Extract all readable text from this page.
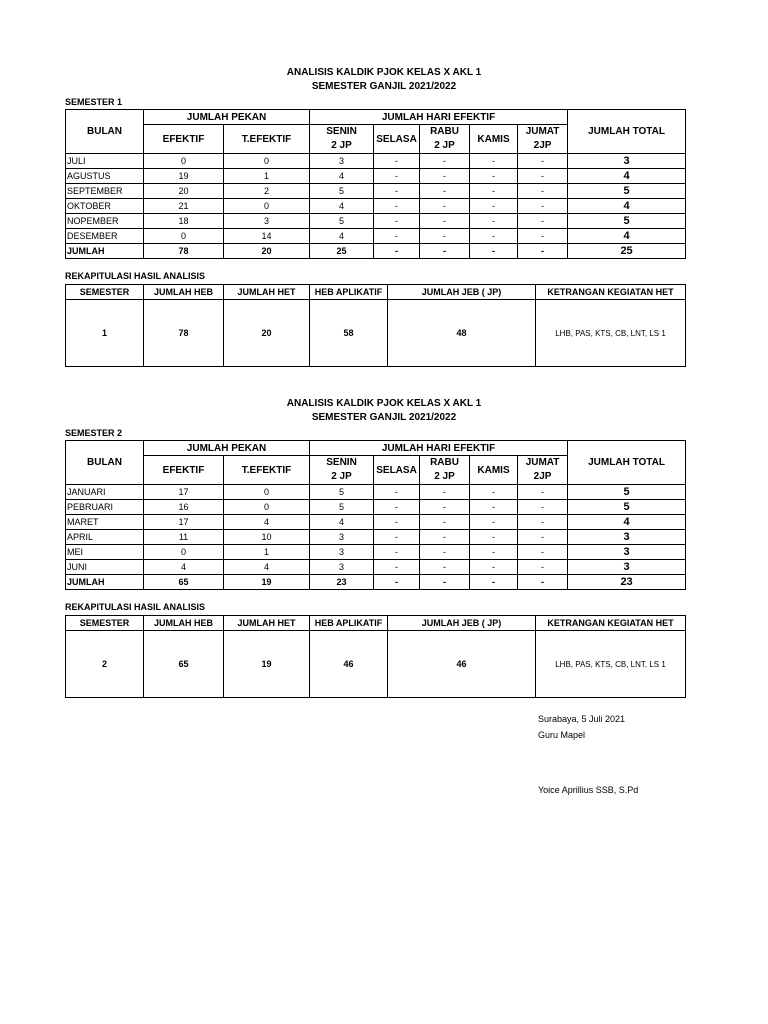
ANALISIS KALDIK PJOK KELAS X AKL 1
SEMESTER GANJIL 2021/2022
SEMESTER 1
BULAN	JUMLAH PEKAN		JUMLAH HARI EFEKTIF					JUMLAH TOTAL
	EFEKTIF	T.EFEKTIF	SENIN	SELASA	RABU	KAMIS	JUMAT	
			2 JP		2 JP		2JP	
JULI	0	0	3	-	-	-	-	3
AGUSTUS	19	1	4	-	-	-	-	4
SEPTEMBER	20	2	5	-	-	-	-	5
OKTOBER	21	0	4	-	-	-	-	4
NOPEMBER	18	3	5	-	-	-	-	5
DESEMBER	0	14	4	-	-	-	-	4
JUMLAH	78	20	25	-	-	-	-	25
REKAPITULASI HASIL ANALISIS
SEMESTER	JUMLAH HEB	JUMLAH HET	HEB APLIKATIF	JUMLAH JEB ( JP)	KETRANGAN KEGIATAN HET
1	78	20	58	48	LHB, PAS, KTS, CB, LNT, LS 1
ANALISIS KALDIK PJOK KELAS X AKL 1
SEMESTER GANJIL 2021/2022
SEMESTER 2
BULAN	JUMLAH PEKAN		JUMLAH HARI EFEKTIF					JUMLAH TOTAL
	EFEKTIF	T.EFEKTIF	SENIN	SELASA	RABU	KAMIS	JUMAT	
			2 JP		2 JP		2JP	
JANUARI	17	0	5	-	-	-	-	5
PEBRUARI	16	0	5	-	-	-	-	5
MARET	17	4	4	-	-	-	-	4
APRIL	11	10	3	-	-	-	-	3
MEI	0	1	3	-	-	-	-	3
JUNI	4	4	3	-	-	-	-	3
JUMLAH	65	19	23	-	-	-	-	23
REKAPITULASI HASIL ANALISIS
SEMESTER	JUMLAH HEB	JUMLAH HET	HEB APLIKATIF	JUMLAH JEB ( JP)	KETRANGAN KEGIATAN HET
2	65	19	46	46	LHB, PAS, KTS, CB, LNT, LS 1
Surabaya, 5 Juli 2021
Guru Mapel
Yoice Aprillius SSB, S.Pd
